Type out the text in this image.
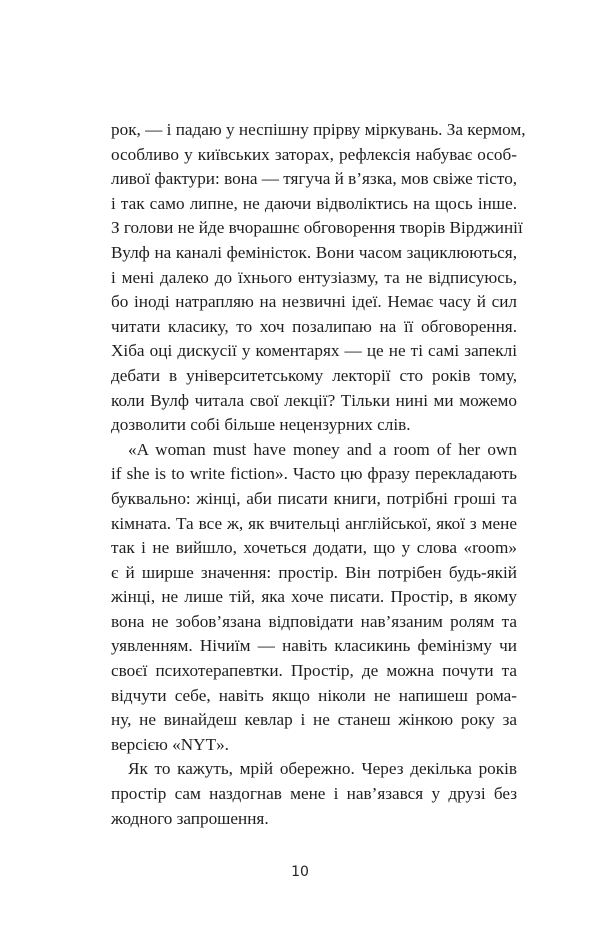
рок, — і падаю у неспішну прірву міркувань. За кермом,
особливо у київських заторах, рефлексія набуває особ-
ливої фактури: вона — тягуча й в’язка, мов свіже тісто,
і так само липне, не даючи відволіктись на щось інше.
З голови не йде вчорашнє обговорення творів Вірджинії
Вулф на каналі феміністок. Вони часом зациклюються,
і мені далеко до їхнього ентузіазму, та не відписуюсь,
бо іноді натрапляю на незвичні ідеї. Немає часу й сил
читати класику, то хоч позалипаю на її обговорення.
Хіба оці дискусії у коментарях — це не ті самі запеклі
дебати в університетському лекторії сто років тому,
коли Вулф читала свої лекції? Тільки нині ми можемо
дозволити собі більше нецензурних слів.
«A woman must have money and a room of her own
if she is to write fiction». Часто цю фразу перекладають
буквально: жінці, аби писати книги, потрібні гроші та
кімната. Та все ж, як вчительці англійської, якої з мене
так і не вийшло, хочеться додати, що у слова «room»
є й ширше значення: простір. Він потрібен будь-якій
жінці, не лише тій, яка хоче писати. Простір, в якому
вона не зобов’язана відповідати нав’язаним ролям та
уявленням. Нічиїм — навіть класикинь фемінізму чи
своєї психотерапевтки. Простір, де можна почути та
відчути себе, навіть якщо ніколи не напишеш рома-
ну, не винайдеш кевлар і не станеш жінкою року за
версією «NYT».
Як то кажуть, мрій обережно. Через декілька років
простір сам наздогнав мене і нав’язався у друзі без
жодного запрошення.
10
